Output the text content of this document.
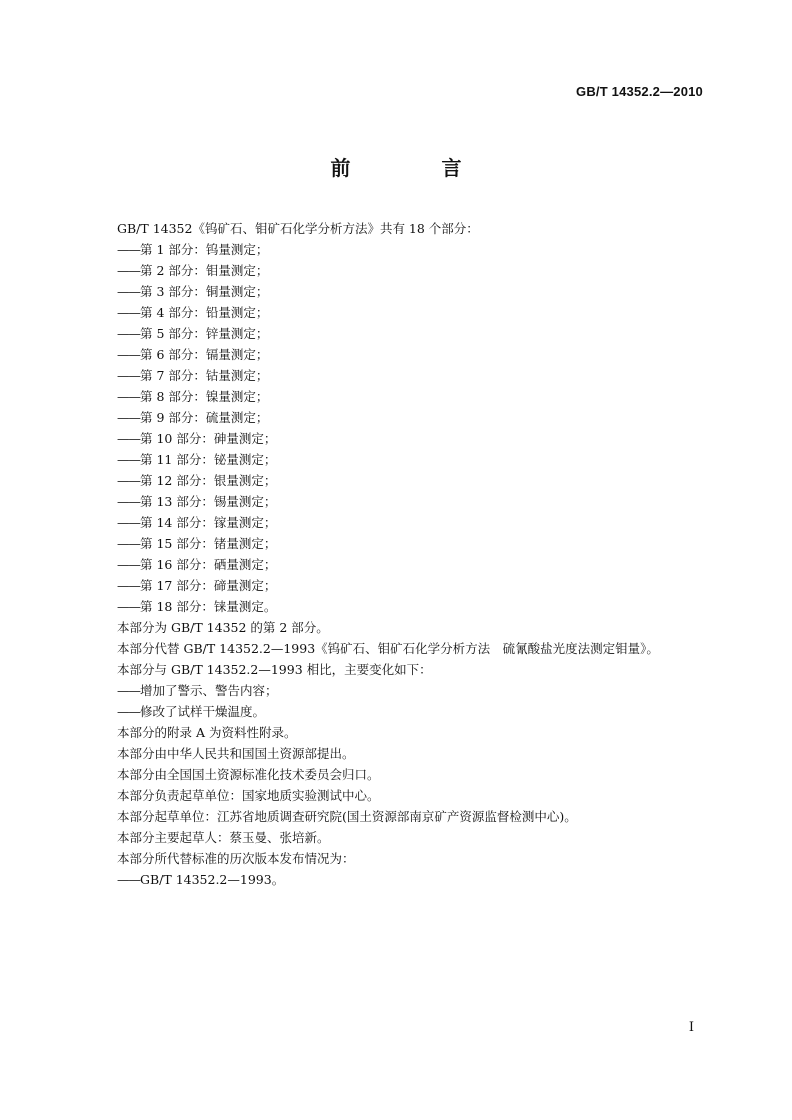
GB/T 14352.2—2010
前 言
GB/T 14352《钨矿石、钼矿石化学分析方法》共有 18 个部分：
—— 第 1 部分：钨量测定；
—— 第 2 部分：钼量测定；
—— 第 3 部分：铜量测定；
—— 第 4 部分：铅量测定；
—— 第 5 部分：锌量测定；
—— 第 6 部分：镉量测定；
—— 第 7 部分：钴量测定；
—— 第 8 部分：镍量测定；
—— 第 9 部分：硫量测定；
—— 第 10 部分：砷量测定；
—— 第 11 部分：铋量测定；
—— 第 12 部分：银量测定；
—— 第 13 部分：锡量测定；
—— 第 14 部分：镓量测定；
—— 第 15 部分：锗量测定；
—— 第 16 部分：硒量测定；
—— 第 17 部分：碲量测定；
—— 第 18 部分：铼量测定。
本部分为 GB/T 14352 的第 2 部分。
本部分代替 GB/T 14352.2—1993《钨矿石、钼矿石化学分析方法　硫氰酸盐光度法测定钼量》。
本部分与 GB/T 14352.2—1993 相比，主要变化如下：
—— 增加了警示、警告内容；
—— 修改了试样干燥温度。
本部分的附录 A 为资料性附录。
本部分由中华人民共和国国土资源部提出。
本部分由全国国土资源标准化技术委员会归口。
本部分负责起草单位：国家地质实验测试中心。
本部分起草单位：江苏省地质调查研究院(国土资源部南京矿产资源监督检测中心)。
本部分主要起草人：蔡玉曼、张培新。
本部分所代替标准的历次版本发布情况为：
—— GB/T 14352.2—1993。
I
